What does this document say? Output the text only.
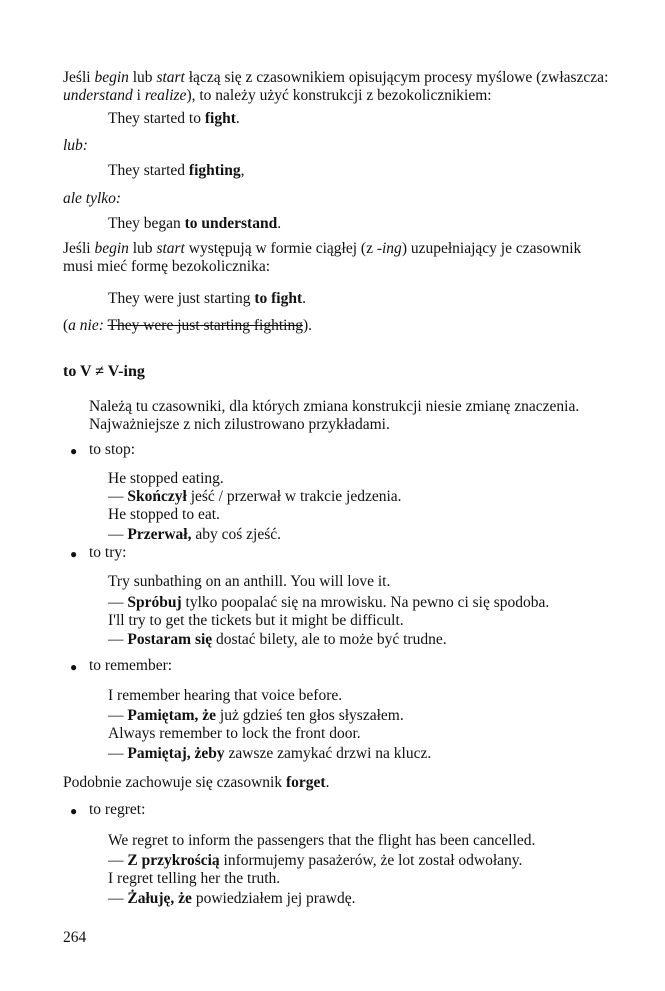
Jeśli begin lub start łączą się z czasownikiem opisującym procesy myślowe (zwłaszcza:
understand i realize), to należy użyć konstrukcji z bezokolicznikiem:
They started to fight.
lub:
They started fighting,
ale tylko:
They began to understand.
Jeśli begin lub start występują w formie ciągłej (z -ing) uzupełniający je czasownik
musi mieć formę bezokolicznika:
They were just starting to fight.
(a nie: They were just starting fighting).
to V ≠ V-ing
Należą tu czasowniki, dla których zmiana konstrukcji niesie zmianę znaczenia.
Najważniejsze z nich zilustrowano przykładami.
● to stop:
He stopped eating.
— Skończył jeść / przerwał w trakcie jedzenia.
He stopped to eat.
— Przerwał, aby coś zjeść.
● to try:
Try sunbathing on an anthill. You will love it.
— Spróbuj tylko poopalać się na mrowisku. Na pewno ci się spodoba.
I'll try to get the tickets but it might be difficult.
— Postaram się dostać bilety, ale to może być trudne.
● to remember:
I remember hearing that voice before.
— Pamiętam, że już gdzieś ten głos słyszałem.
Always remember to lock the front door.
— Pamiętaj, żeby zawsze zamykać drzwi na klucz.
Podobnie zachowuje się czasownik forget.
● to regret:
We regret to inform the passengers that the flight has been cancelled.
— Z przykrością informujemy pasażerów, że lot został odwołany.
I regret telling her the truth.
— Żałuję, że powiedziałem jej prawdę.
264
